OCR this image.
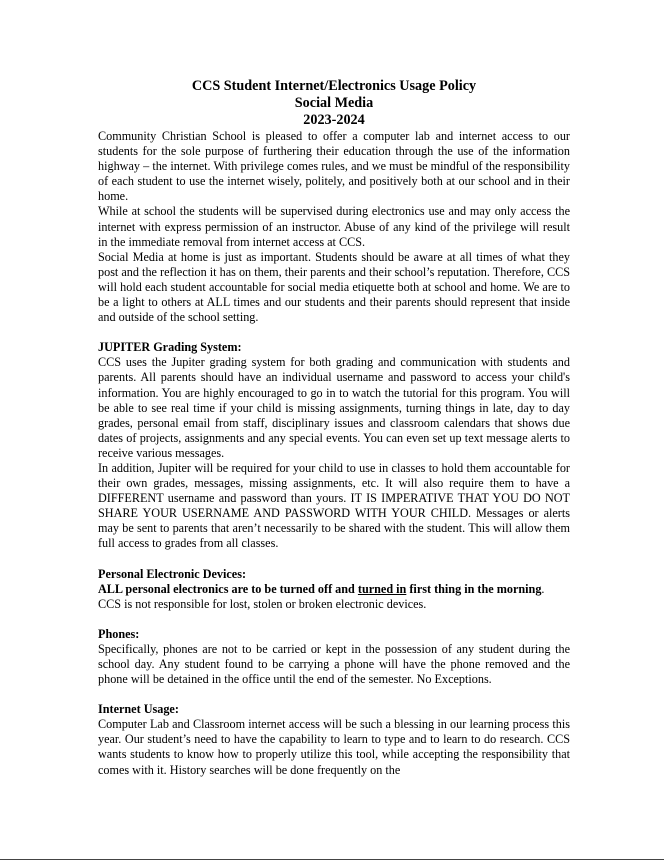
CCS Student Internet/Electronics Usage Policy

Social Media

2023-2024

Community Christian School is pleased to offer a computer lab and internet access to our students for the sole purpose of furthering their education through the use of the information highway – the internet. With privilege comes rules, and we must be mindful of the responsibility of each student to use the internet wisely, politely, and positively both at our school and in their home.

While at school the students will be supervised during electronics use and may only access the internet with express permission of an instructor. Abuse of any kind of the privilege will result in the immediate removal from internet access at CCS.

Social Media at home is just as important. Students should be aware at all times of what they post and the reflection it has on them, their parents and their school’s reputation. Therefore, CCS will hold each student accountable for social media etiquette both at school and home. We are to be a light to others at ALL times and our students and their parents should represent that inside and outside of the school setting.

JUPITER Grading System:

CCS uses the Jupiter grading system for both grading and communication with students and parents. All parents should have an individual username and password to access your child's information. You are highly encouraged to go in to watch the tutorial for this program. You will be able to see real time if your child is missing assignments, turning things in late, day to day grades, personal email from staff, disciplinary issues and classroom calendars that shows due dates of projects, assignments and any special events. You can even set up text message alerts to receive various messages.

In addition, Jupiter will be required for your child to use in classes to hold them accountable for their own grades, messages, missing assignments, etc. It will also require them to have a DIFFERENT username and password than yours. IT IS IMPERATIVE THAT YOU DO NOT SHARE YOUR USERNAME AND PASSWORD WITH YOUR CHILD. Messages or alerts may be sent to parents that aren’t necessarily to be shared with the student. This will allow them full access to grades from all classes.

Personal Electronic Devices:

ALL personal electronics are to be turned off and turned in first thing in the morning.

CCS is not responsible for lost, stolen or broken electronic devices.

Phones:

Specifically, phones are not to be carried or kept in the possession of any student during the school day. Any student found to be carrying a phone will have the phone removed and the phone will be detained in the office until the end of the semester. No Exceptions.

Internet Usage:

Computer Lab and Classroom internet access will be such a blessing in our learning process this year. Our student’s need to have the capability to learn to type and to learn to do research. CCS wants students to know how to properly utilize this tool, while accepting the responsibility that comes with it. History searches will be done frequently on the
